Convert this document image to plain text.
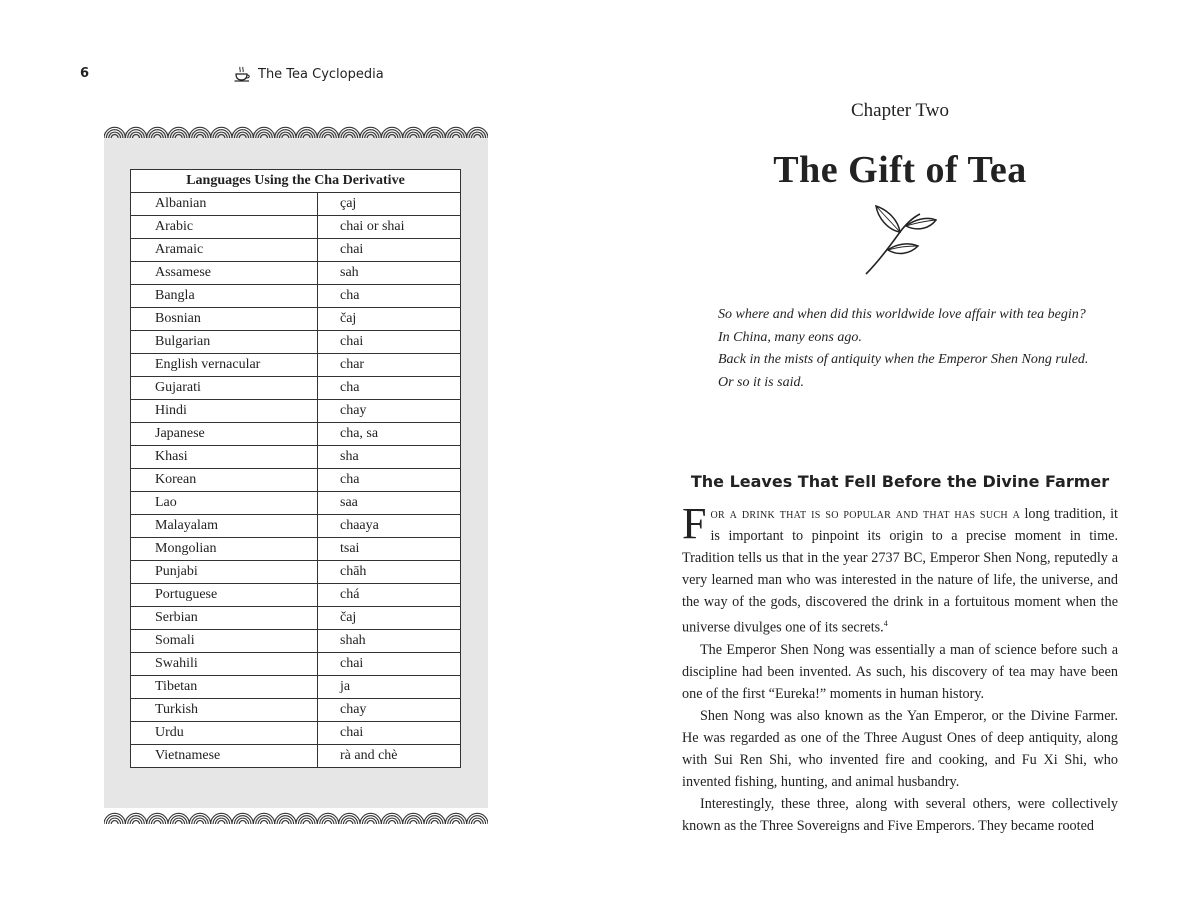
6	The Tea Cyclopedia
Languages Using the Cha Derivative	
Albanian	çaj
Arabic	chai or shai
Aramaic	chai
Assamese	sah
Bangla	cha
Bosnian	čaj
Bulgarian	chai
English vernacular	char
Gujarati	cha
Hindi	chay
Japanese	cha, sa
Khasi	sha
Korean	cha
Lao	saa
Malayalam	chaaya
Mongolian	tsai
Punjabi	chāh
Portuguese	chá
Serbian	čaj
Somali	shah
Swahili	chai
Tibetan	ja
Turkish	chay
Urdu	chai
Vietnamese	rà and chè
Chapter Two
The Gift of Tea

So where and when did this worldwide love affair with tea begin?

In China, many eons ago.

Back in the mists of antiquity when the Emperor Shen Nong ruled.

Or so it is said.

The Leaves That Fell Before the Divine Farmer

For a drink that is so popular and that has such a long tradition, it is important to pinpoint its origin to a precise moment in time. Tradition tells us that in the year 2737 BC, Emperor Shen Nong, reputedly a very learned man who was interested in the nature of life, the universe, and the way of the gods, discovered the drink in a fortuitous moment when the universe divulges one of its secrets.$^4$

The Emperor Shen Nong was essentially a man of science before such a discipline had been invented. As such, his discovery of tea may have been one of the first “Eureka!” moments in human history.

Shen Nong was also known as the Yan Emperor, or the Divine Farmer. He was regarded as one of the Three August Ones of deep antiquity, along with Sui Ren Shi, who invented fire and cooking, and Fu Xi Shi, who invented fishing, hunting, and animal husbandry.

Interestingly, these three, along with several others, were collectively known as the Three Sovereigns and Five Emperors. They became rooted
